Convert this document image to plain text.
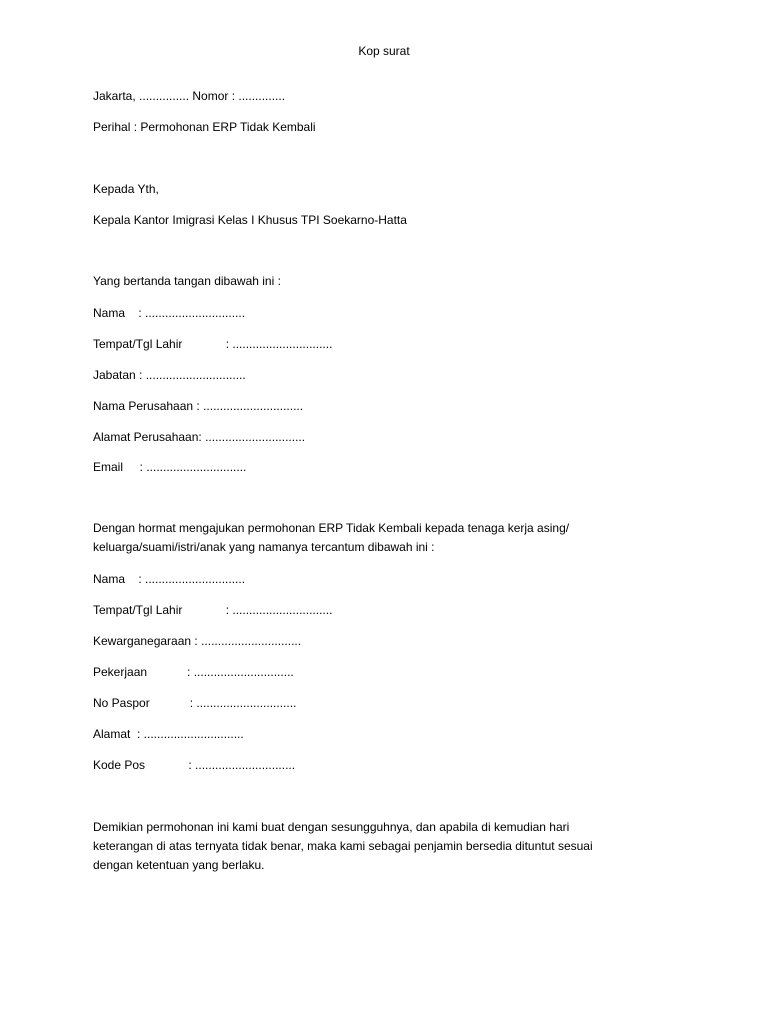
Kop surat
Jakarta, ............... Nomor : ..............
Perihal : Permohonan ERP Tidak Kembali
Kepada Yth,
Kepala Kantor Imigrasi Kelas I Khusus TPI Soekarno-Hatta
Yang bertanda tangan dibawah ini :
Nama    : ..............................
Tempat/Tgl Lahir             : ..............................
Jabatan : ..............................
Nama Perusahaan : ..............................
Alamat Perusahaan: ..............................
Email     : ..............................
Dengan hormat mengajukan permohonan ERP Tidak Kembali kepada tenaga kerja asing/
keluarga/suami/istri/anak yang namanya tercantum dibawah ini :
Nama    : ..............................
Tempat/Tgl Lahir             : ..............................
Kewarganegaraan : ..............................
Pekerjaan            : ..............................
No Paspor            : ..............................
Alamat  : ..............................
Kode Pos             : ..............................
Demikian permohonan ini kami buat dengan sesungguhnya, dan apabila di kemudian hari
keterangan di atas ternyata tidak benar, maka kami sebagai penjamin bersedia dituntut sesuai
dengan ketentuan yang berlaku.
